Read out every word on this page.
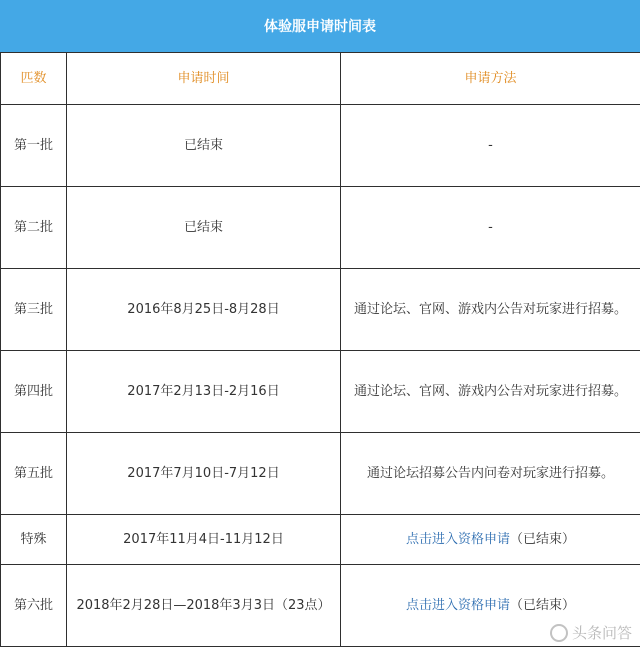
体验服申请时间表
匹数	申请时间	申请方法
第一批	已结束	-
第二批	已结束	-
第三批	2016年8月25日-8月28日	通过论坛、官网、游戏内公告对玩家进行招募。
第四批	2017年2月13日-2月16日	通过论坛、官网、游戏内公告对玩家进行招募。
第五批	2017年7月10日-7月12日	通过论坛招募公告内问卷对玩家进行招募。
特殊	2017年11月4日-11月12日	点击进入资格申请（已结束）
第六批	2018年2月28日—2018年3月3日（23点）	点击进入资格申请（已结束）
头条问答
